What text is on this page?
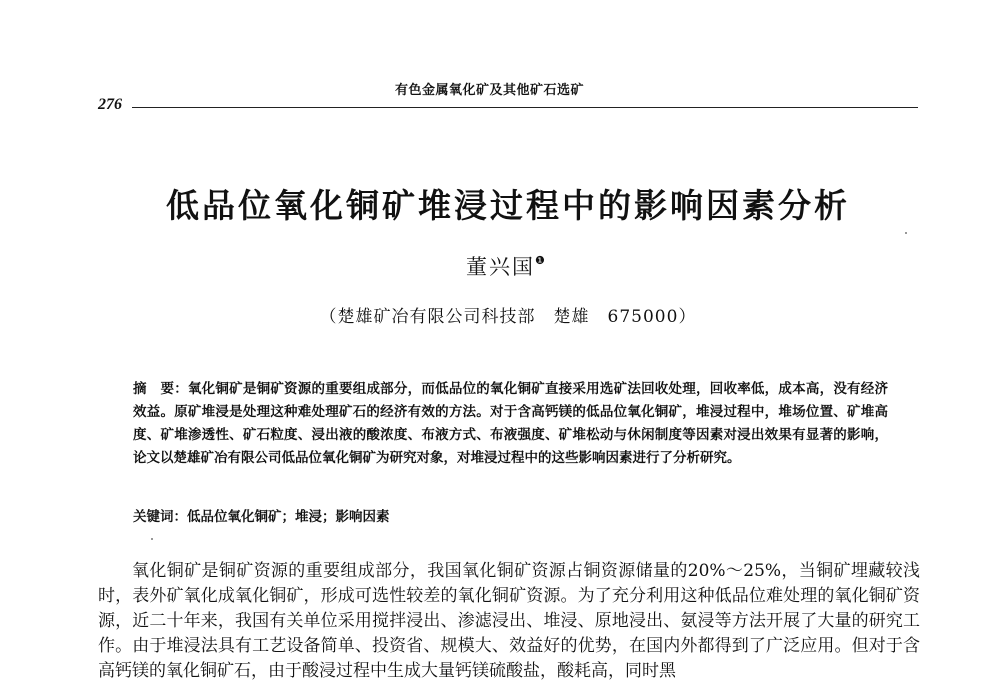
有色金属氧化矿及其他矿石选矿
276
低品位氧化铜矿堆浸过程中的影响因素分析
董兴国$^❶$
（楚雄矿冶有限公司科技部　楚雄　675000）
摘　要：氧化铜矿是铜矿资源的重要组成部分，而低品位的氧化铜矿直接采用选矿法回收处理，回收率低，成本高，没有经济效益。原矿堆浸是处理这种难处理矿石的经济有效的方法。对于含高钙镁的低品位氧化铜矿，堆浸过程中，堆场位置、矿堆高度、矿堆渗透性、矿石粒度、浸出液的酸浓度、布液方式、布液强度、矿堆松动与休闲制度等因素对浸出效果有显著的影响，论文以楚雄矿冶有限公司低品位氧化铜矿为研究对象，对堆浸过程中的这些影响因素进行了分析研究。
关键词：低品位氧化铜矿；堆浸；影响因素

氧化铜矿是铜矿资源的重要组成部分，我国氧化铜矿资源占铜资源储量的20%～25%，当铜矿埋藏较浅时，表外矿氧化成氧化铜矿，形成可选性较差的氧化铜矿资源。为了充分利用这种低品位难处理的氧化铜矿资源，近二十年来，我国有关单位采用搅拌浸出、渗滤浸出、堆浸、原地浸出、氨浸等方法开展了大量的研究工作。由于堆浸法具有工艺设备简单、投资省、规模大、效益好的优势，在国内外都得到了广泛应用。但对于含高钙镁的氧化铜矿石，由于酸浸过程中生成大量钙镁硫酸盐，酸耗高，同时黑
